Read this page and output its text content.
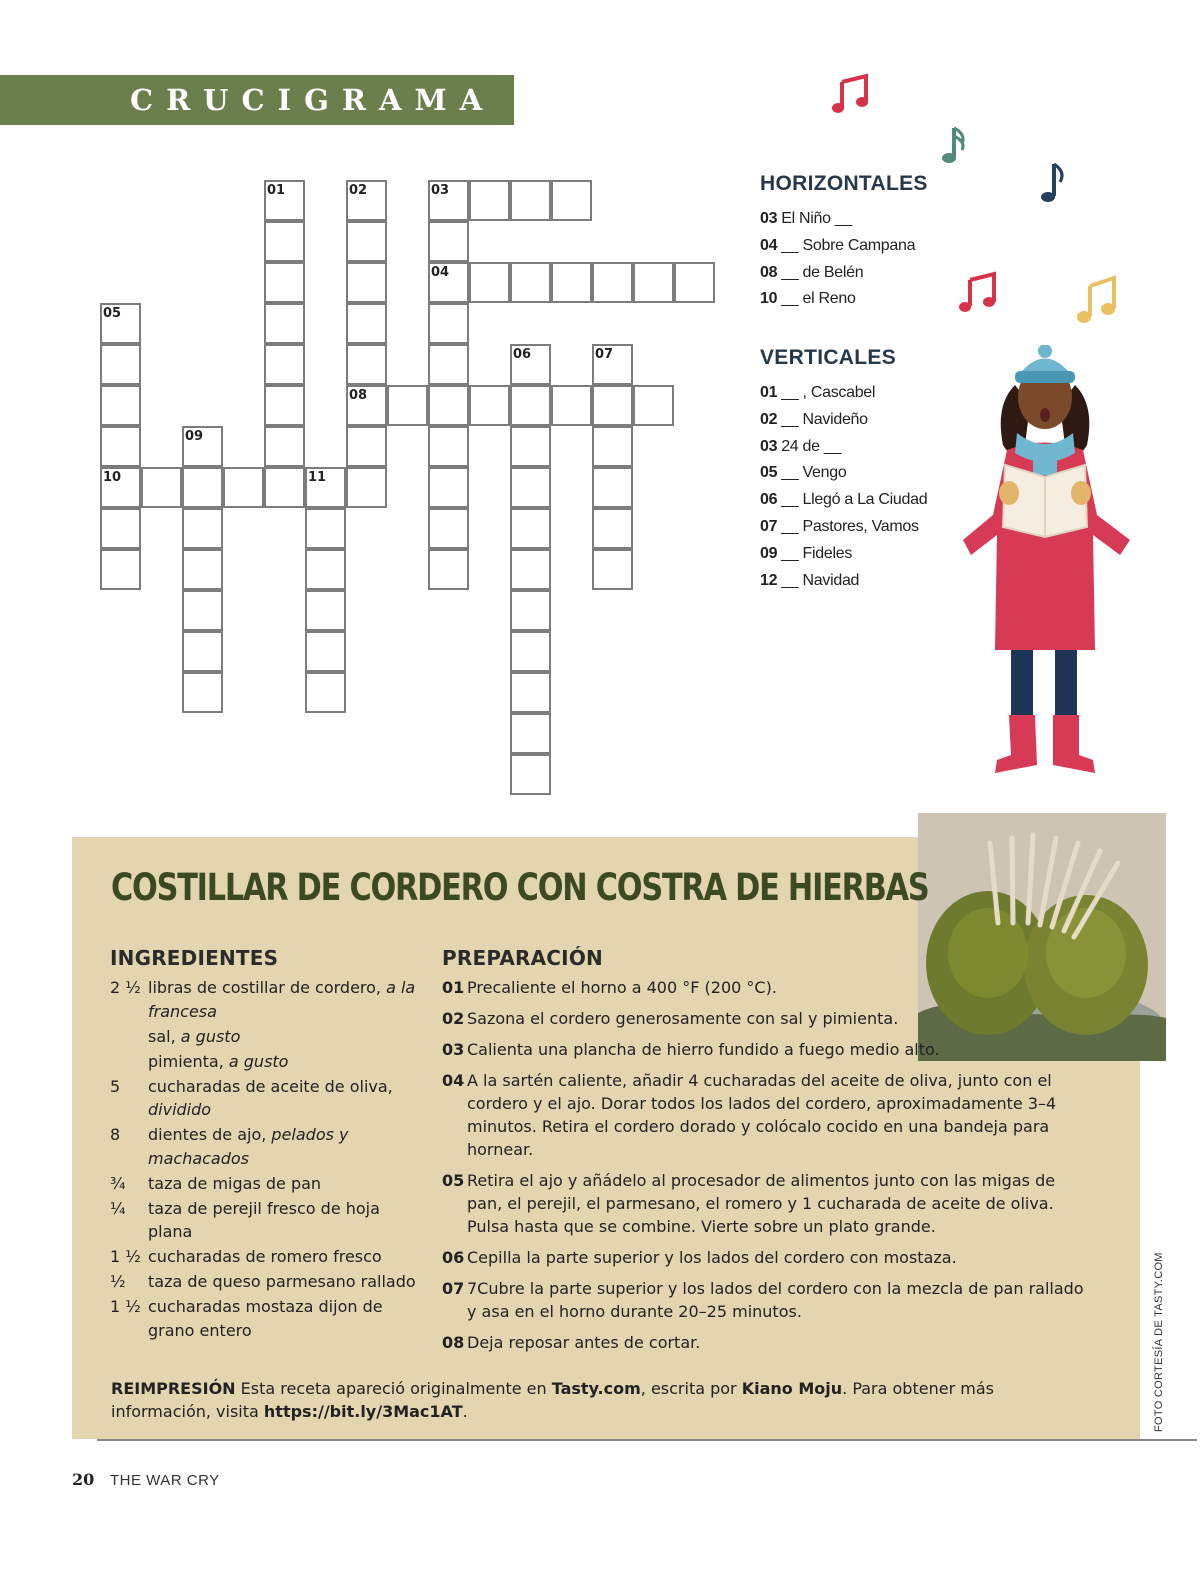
CRUCIGRAMA
01	02
08
03
04
05
10
06	07
09
11
HORIZONTALES
03 El Niño __
04 __ Sobre Campana
08 __ de Belén
10 __ el Reno
VERTICALES
01 __ , Cascabel
02 __ Navideño
03 24 de __
05 __ Vengo
06 __ Llegó a La Ciudad
07 __ Pastores, Vamos
09 __ Fideles
12 __ Navidad
COSTILLAR DE CORDERO CON COSTRA DE HIERBAS
INGREDIENTES
2 ½ libras de costillar de cordero, a la francesa
sal, a gusto
pimienta, a gusto
5	cucharadas de aceite de oliva, dividido
8	dientes de ajo, pelados y machacados
¾	taza de migas de pan
¼	taza de perejil fresco de hoja plana
1 ½ cucharadas de romero fresco
½	taza de queso parmesano rallado
1 ½ cucharadas mostaza dijon de grano entero
PREPARACIÓN
01 Precaliente el horno a 400 °F (200 °C).
02 Sazona el cordero generosamente con sal y pimienta.
03 Calienta una plancha de hierro fundido a fuego medio alto.
04 A la sartén caliente, añadir 4 cucharadas del aceite de oliva, junto con el cordero y el ajo. Dorar todos los lados del cordero, aproximadamente 3–4 minutos. Retira el cordero dorado y colócalo cocido en una bandeja para hornear.
05 Retira el ajo y añádelo al procesador de alimentos junto con las migas de pan, el perejil, el parmesano, el romero y 1 cucharada de aceite de oliva. Pulsa hasta que se combine. Vierte sobre un plato grande.
06 Cepilla la parte superior y los lados del cordero con mostaza.
07 7Cubre la parte superior y los lados del cordero con la mezcla de pan rallado y asa en el horno durante 20–25 minutos.
08 Deja reposar antes de cortar.
REIMPRESIÓN Esta receta apareció originalmente en Tasty.com, escrita por Kiano Moju. Para obtener más información, visita https://bit.ly/3Mac1AT.	FOTO CORTESÍA DE TASTY.COM
20 THE WAR CRY
